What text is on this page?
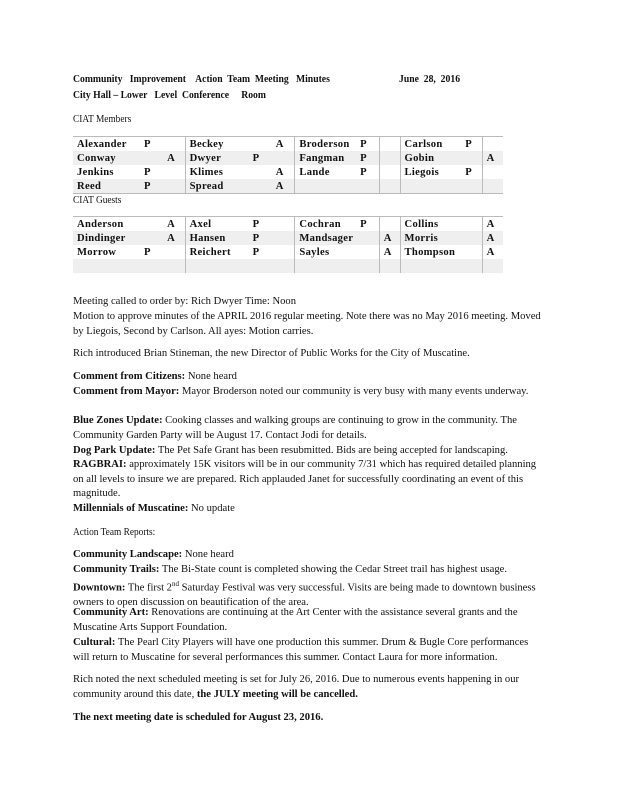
Community   Improvement    Action  Team  Meeting   Minutes	June  28,  2016
City Hall – Lower   Level  Conference     Room
CIAT Members
Alexander	P		Beckey		A	Broderson	P		Carlson	P	
Conway		A	Dwyer	P		Fangman	P		Gobin		A
Jenkins	P		Klimes		A	Lande	P		Liegois	P	
Reed	P		Spread		A						
CIAT Guests
Anderson		A	Axel	P		Cochran	P		Collins		A
Dindinger		A	Hansen	P		Mandsager		A	Morris		A
Morrow	P		Reichert	P		Sayles		A	Thompson		A

Meeting called to order by: Rich Dwyer Time: Noon

Motion to approve minutes of the APRIL 2016 regular meeting. Note there was no May 2016 meeting. Moved by Liegois, Second by Carlson. All ayes: Motion carries.

Rich introduced Brian Stineman, the new Director of Public Works for the City of Muscatine.

Comment from Citizens: None heard

Comment from Mayor: Mayor Broderson noted our community is very busy with many events underway.

Blue Zones Update: Cooking classes and walking groups are continuing to grow in the community. The Community Garden Party will be August 17. Contact Jodi for details.

Dog Park Update: The Pet Safe Grant has been resubmitted. Bids are being accepted for landscaping.

RAGBRAI: approximately 15K visitors will be in our community 7/31 which has required detailed planning on all levels to insure we are prepared. Rich applauded Janet for successfully coordinating an event of this magnitude.

Millennials of Muscatine: No update

Action Team Reports:

Community Landscape: None heard

Community Trails: The Bi-State count is completed showing the Cedar Street trail has highest usage.

Downtown: The first 2nd Saturday Festival was very successful. Visits are being made to downtown business owners to open discussion on beautification of the area.

Community Art: Renovations are continuing at the Art Center with the assistance several grants and the Muscatine Arts Support Foundation.

Cultural: The Pearl City Players will have one production this summer. Drum & Bugle Core performances will return to Muscatine for several performances this summer. Contact Laura for more information.

Rich noted the next scheduled meeting is set for July 26, 2016. Due to numerous events happening in our community around this date, the JULY meeting will be cancelled.

The next meeting date is scheduled for August 23, 2016.
